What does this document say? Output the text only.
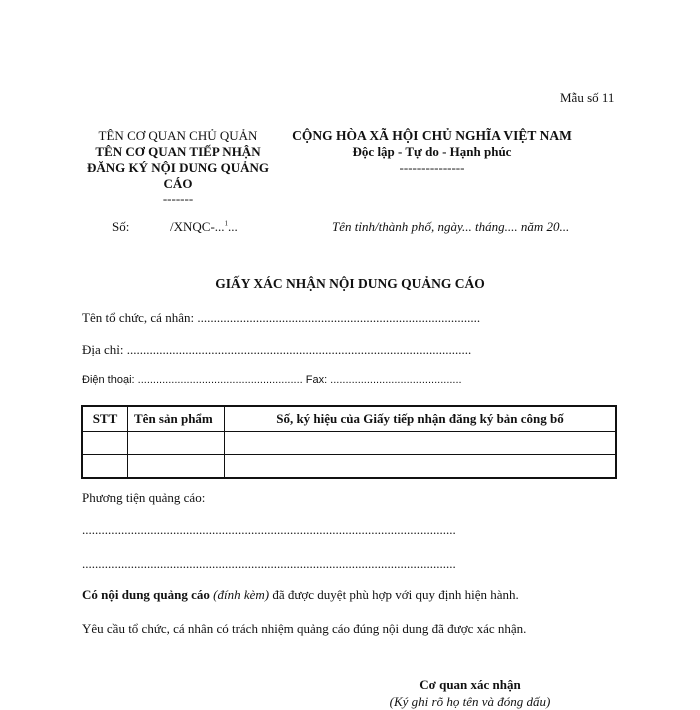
Mẫu số 11
TÊN CƠ QUAN CHỦ QUẢN
TÊN CƠ QUAN TIẾP NHẬN ĐĂNG KÝ NỘI DUNG QUẢNG CÁO
-------
CỘNG HÒA XÃ HỘI CHỦ NGHĨA VIỆT NAM
Độc lập - Tự do - Hạnh phúc
---------------
Số:	/XNQC-...$^1$...	Tên tỉnh/thành phố, ngày... tháng.... năm 20...
GIẤY XÁC NHẬN NỘI DUNG QUẢNG CÁO
Tên tổ chức, cá nhân: .......................................................................................
Địa chỉ: ..........................................................................................................
Điện thoại: ...................................................... Fax: ...........................................
STT	Tên sản phẩm	Số, ký hiệu của Giấy tiếp nhận đăng ký bản công bố

Phương tiện quảng cáo:
...................................................................................................................
...................................................................................................................
Có nội dung quảng cáo (đính kèm) đã được duyệt phù hợp với quy định hiện hành.
Yêu cầu tổ chức, cá nhân có trách nhiệm quảng cáo đúng nội dung đã được xác nhận.
Cơ quan xác nhận
(Ký ghi rõ họ tên và đóng dấu)
